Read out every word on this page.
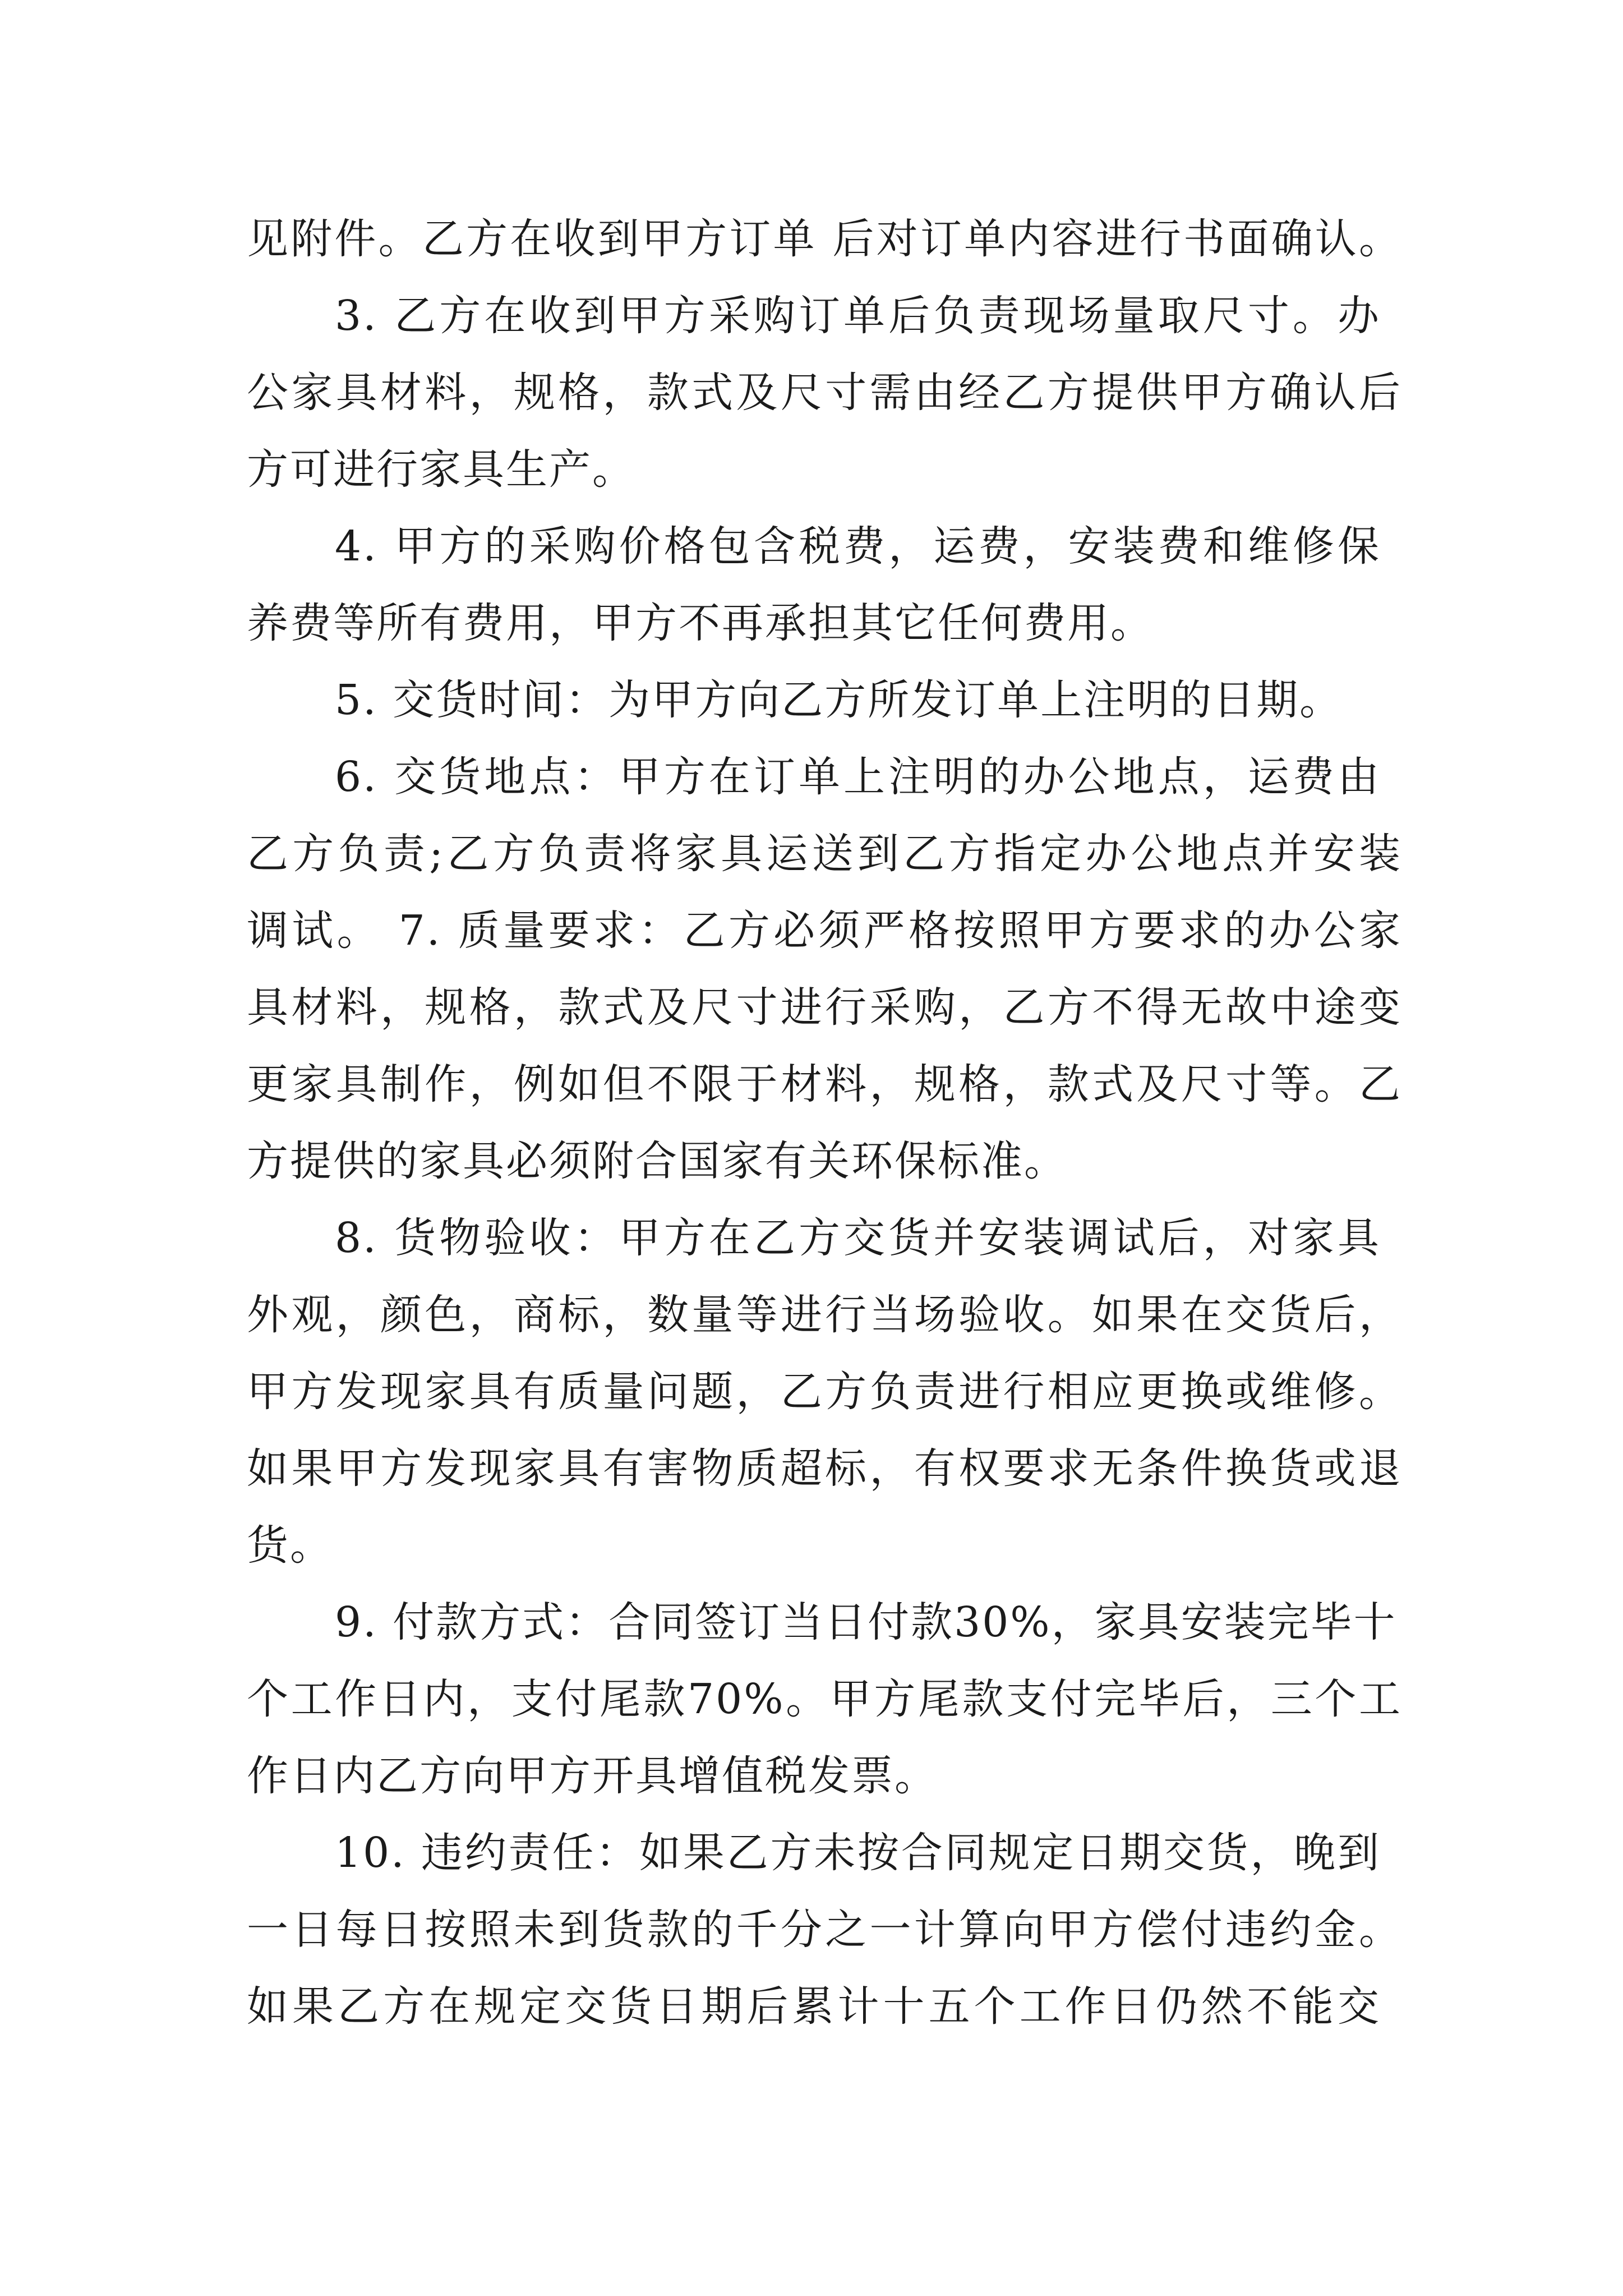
见附件。乙方在收到甲方订单 后对订单内容进行书面确认。
3. 乙方在收到甲方采购订单后负责现场量取尺寸。办
公家具材料，规格，款式及尺寸需由经乙方提供甲方确认后
方可进行家具生产。
4. 甲方的采购价格包含税费，运费，安装费和维修保
养费等所有费用，甲方不再承担其它任何费用。
5. 交货时间：为甲方向乙方所发订单上注明的日期。
6. 交货地点：甲方在订单上注明的办公地点，运费由
乙方负责;乙方负责将家具运送到乙方指定办公地点并安装
调试。 7. 质量要求：乙方必须严格按照甲方要求的办公家
具材料，规格，款式及尺寸进行采购，乙方不得无故中途变
更家具制作，例如但不限于材料，规格，款式及尺寸等。乙
方提供的家具必须附合国家有关环保标准。
8. 货物验收：甲方在乙方交货并安装调试后，对家具
外观，颜色，商标，数量等进行当场验收。如果在交货后，
甲方发现家具有质量问题，乙方负责进行相应更换或维修。
如果甲方发现家具有害物质超标，有权要求无条件换货或退
货。
9. 付款方式：合同签订当日付款30%，家具安装完毕十
个工作日内，支付尾款70%。甲方尾款支付完毕后，三个工
作日内乙方向甲方开具增值税发票。
10. 违约责任：如果乙方未按合同规定日期交货，晚到
一日每日按照未到货款的千分之一计算向甲方偿付违约金。
如果乙方在规定交货日期后累计十五个工作日仍然不能交
